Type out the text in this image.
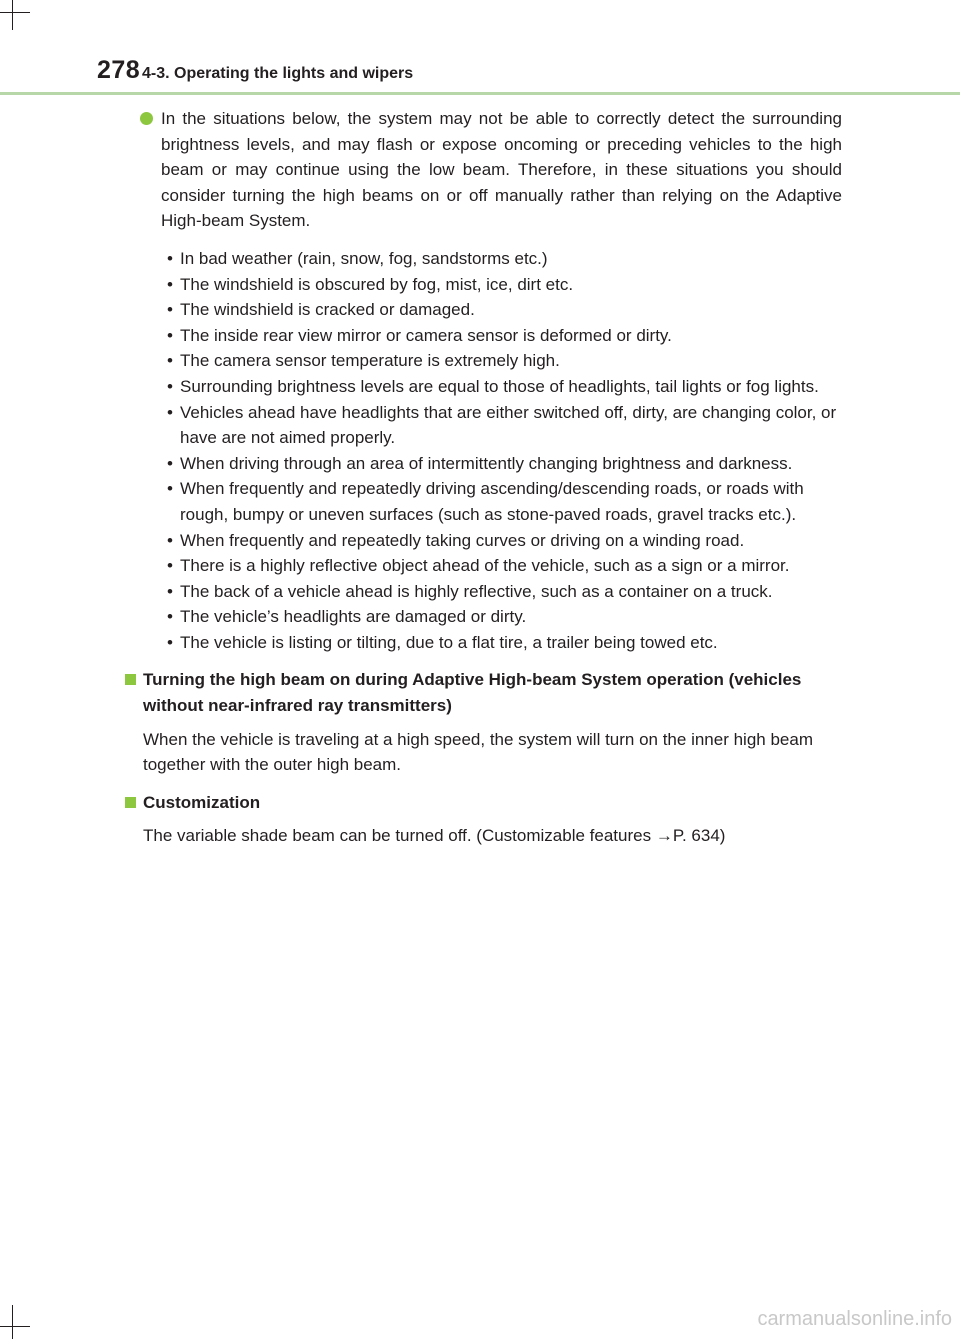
278 4-3. Operating the lights and wipers
In the situations below, the system may not be able to correctly detect the surrounding brightness levels, and may flash or expose oncoming or preceding vehicles to the high beam or may continue using the low beam. Therefore, in these situations you should consider turning the high beams on or off manually rather than relying on the Adaptive High-beam System.
• In bad weather (rain, snow, fog, sandstorms etc.)
• The windshield is obscured by fog, mist, ice, dirt etc.
• The windshield is cracked or damaged.
• The inside rear view mirror or camera sensor is deformed or dirty.
• The camera sensor temperature is extremely high.
• Surrounding brightness levels are equal to those of headlights, tail lights or fog lights.
• Vehicles ahead have headlights that are either switched off, dirty, are changing color, or have are not aimed properly.
• When driving through an area of intermittently changing brightness and darkness.
• When frequently and repeatedly driving ascending/descending roads, or roads with rough, bumpy or uneven surfaces (such as stone-paved roads, gravel tracks etc.).
• When frequently and repeatedly taking curves or driving on a winding road.
• There is a highly reflective object ahead of the vehicle, such as a sign or a mirror.
• The back of a vehicle ahead is highly reflective, such as a container on a truck.
• The vehicle’s headlights are damaged or dirty.
• The vehicle is listing or tilting, due to a flat tire, a trailer being towed etc.
Turning the high beam on during Adaptive High-beam System operation (vehicles without near-infrared ray transmitters)
When the vehicle is traveling at a high speed, the system will turn on the inner high beam together with the outer high beam.
Customization
The variable shade beam can be turned off. (Customizable features →P. 634)
carmanualsonline.info
